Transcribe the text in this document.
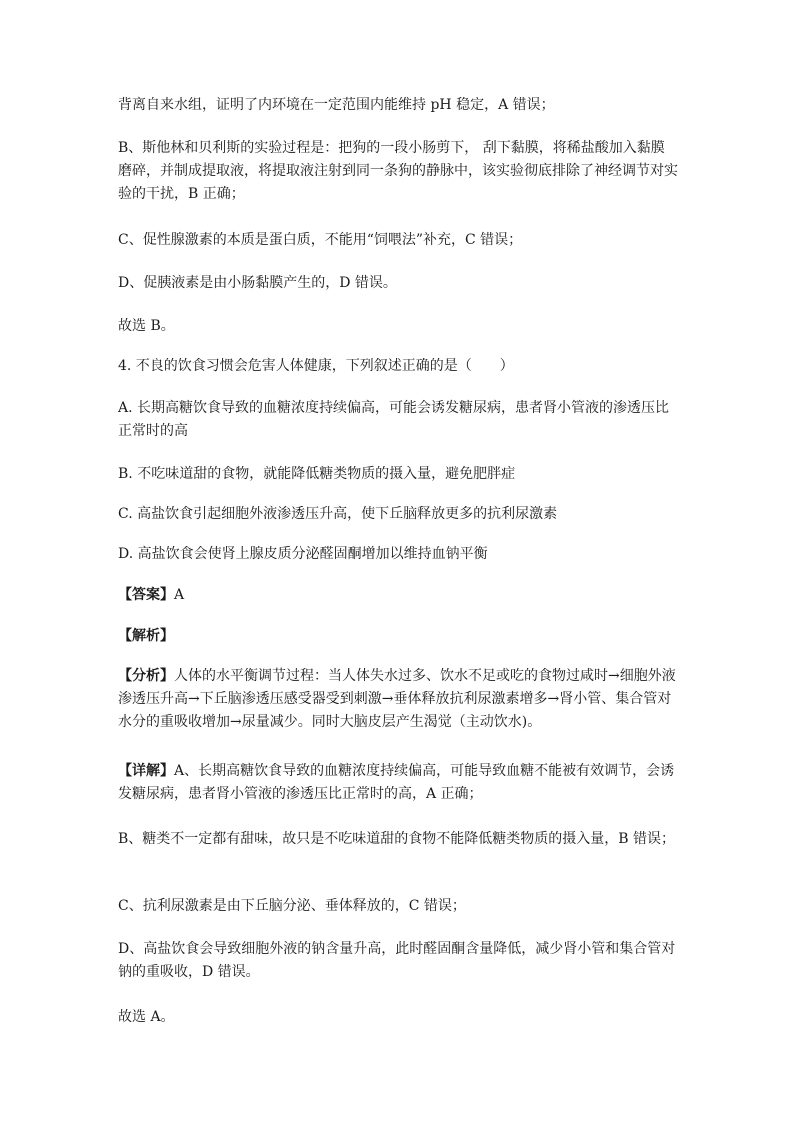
背离自来水组，证明了内环境在一定范围内能维持 pH 稳定，A 错误；

B、斯他林和贝利斯的实验过程是：把狗的一段小肠剪下， 刮下黏膜，将稀盐酸加入黏膜磨碎，并制成提取液，将提取液注射到同一条狗的静脉中，该实验彻底排除了神经调节对实验的干扰，B 正确；

C、促性腺激素的本质是蛋白质，不能用“饲喂法”补充，C 错误；

D、促胰液素是由小肠黏膜产生的，D 错误。

故选 B。

4. 不良的饮食习惯会危害人体健康，下列叙述正确的是（　　）

A. 长期高糖饮食导致的血糖浓度持续偏高，可能会诱发糖尿病，患者肾小管液的渗透压比正常时的高

B. 不吃味道甜的食物，就能降低糖类物质的摄入量，避免肥胖症

C. 高盐饮食引起细胞外液渗透压升高，使下丘脑释放更多的抗利尿激素

D. 高盐饮食会使肾上腺皮质分泌醛固酮增加以维持血钠平衡

【答案】A

【解析】

【分析】人体的水平衡调节过程：当人体失水过多、饮水不足或吃的食物过咸时→细胞外液渗透压升高→下丘脑渗透压感受器受到刺激→垂体释放抗利尿激素增多→肾小管、集合管对水分的重吸收增加→尿量减少。同时大脑皮层产生渴觉（主动饮水)。

【详解】A、长期高糖饮食导致的血糖浓度持续偏高，可能导致血糖不能被有效调节，会诱发糖尿病，患者肾小管液的渗透压比正常时的高，A 正确；

B、糖类不一定都有甜味，故只是不吃味道甜的食物不能降低糖类物质的摄入量，B 错误；

C、抗利尿激素是由下丘脑分泌、垂体释放的，C 错误；

D、高盐饮食会导致细胞外液的钠含量升高，此时醛固酮含量降低，减少肾小管和集合管对钠的重吸收，D 错误。

故选 A。
